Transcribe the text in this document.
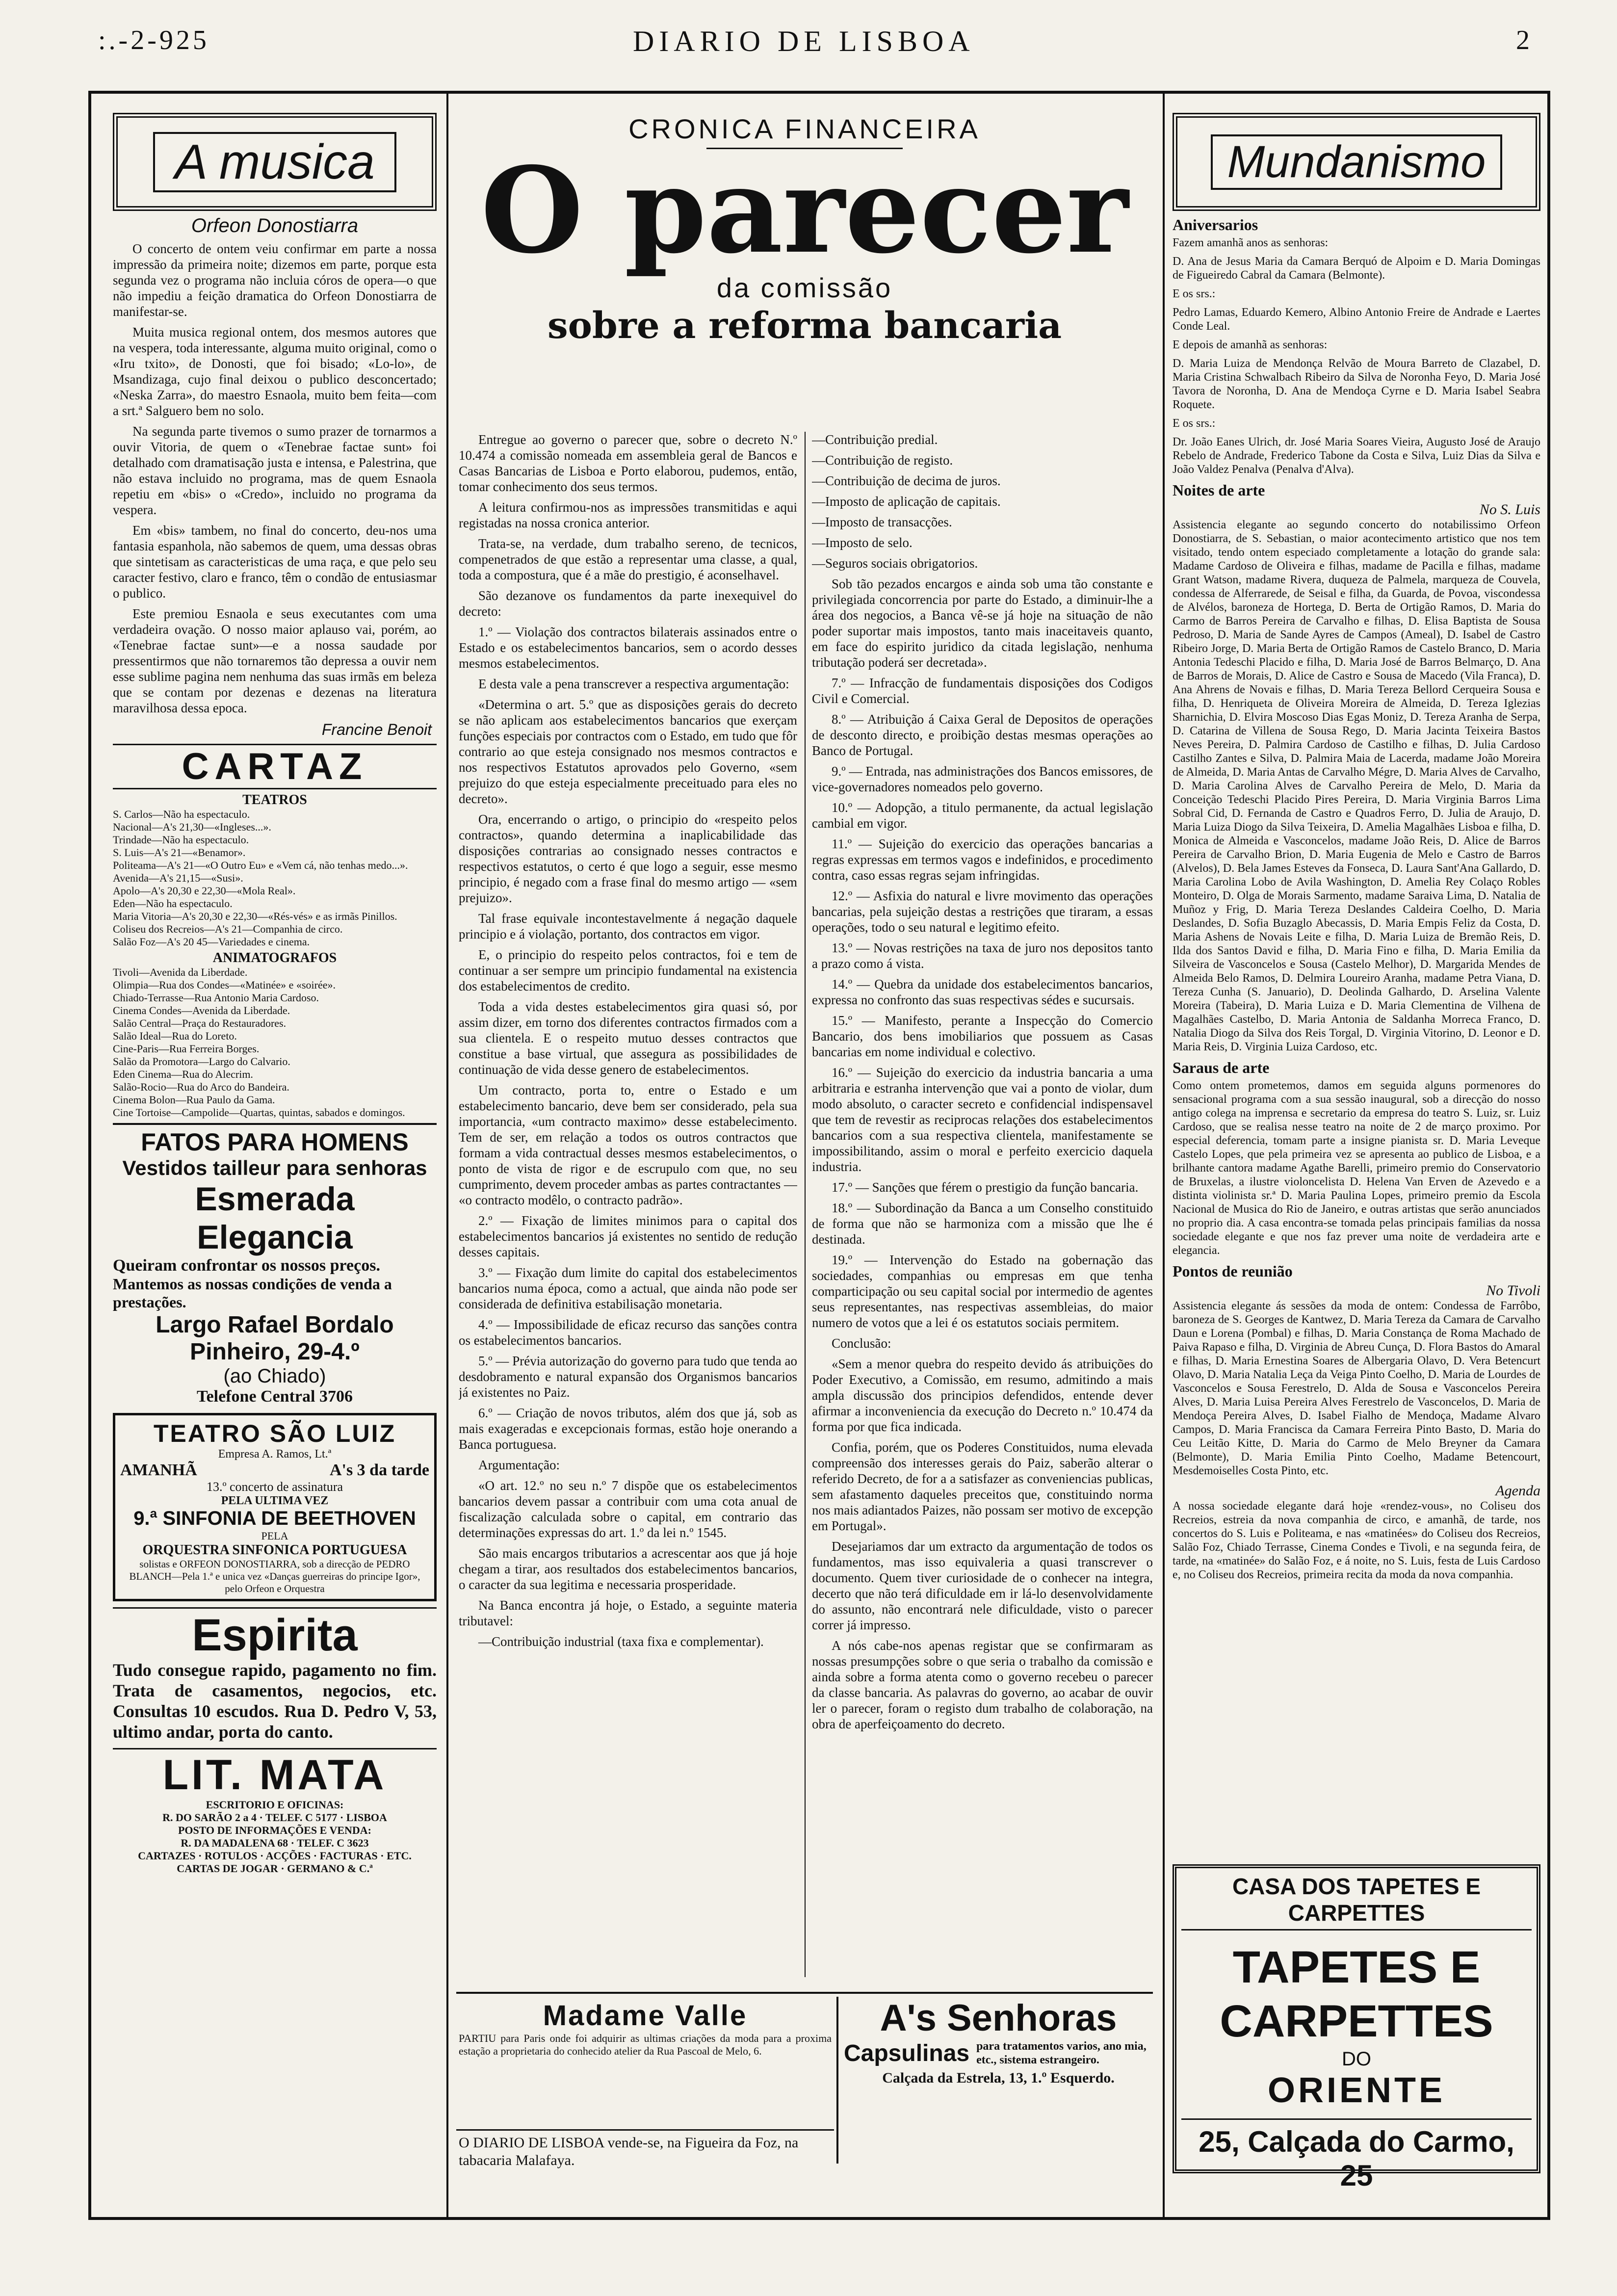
:.-2-925	DIARIO DE LISBOA	2
A musica
Orfeon Donostiarra

O concerto de ontem veiu confirmar em parte a nossa impressão da primeira noite; dizemos em parte, porque esta segunda vez o programa não incluia córos de opera—o que não impediu a feição dramatica do Orfeon Donostiarra de manifestar-se.

Muita musica regional ontem, dos mesmos autores que na vespera, toda interessante, alguma muito original, como o «Iru txito», de Donosti, que foi bisado; «Lo-lo», de Msandizaga, cujo final deixou o publico desconcertado; «Neska Zarra», do maestro Esnaola, muito bem feita—com a srt.ª Salguero bem no solo.

Na segunda parte tivemos o sumo prazer de tornarmos a ouvir Vitoria, de quem o «Tenebrae factae sunt» foi detalhado com dramatisação justa e intensa, e Palestrina, que não estava incluido no programa, mas de quem Esnaola repetiu em «bis» o «Credo», incluido no programa da vespera.

Em «bis» tambem, no final do concerto, deu-nos uma fantasia espanhola, não sabemos de quem, uma dessas obras que sintetisam as caracteristicas de uma raça, e que pelo seu caracter festivo, claro e franco, têm o condão de entusiasmar o publico.

Este premiou Esnaola e seus executantes com uma verdadeira ovação. O nosso maior aplauso vai, porém, ao «Tenebrae factae sunt»—e a nossa saudade por pressentirmos que não tornaremos tão depressa a ouvir nem esse sublime pagina nem nenhuma das suas irmãs em beleza que se contam por dezenas e dezenas na literatura maravilhosa dessa epoca.

Francine Benoit
CARTAZ
TEATROS
S. Carlos—Não ha espectaculo.
Nacional—A's 21,30—«Ingleses...».
Trindade—Não ha espectaculo.
S. Luis—A's 21—«Benamor».
Politeama—A's 21—«O Outro Eu» e «Vem cá, não tenhas medo...».
Avenida—A's 21,15—«Susi».
Apolo—A's 20,30 e 22,30—«Mola Real».
Eden—Não ha espectaculo.
Maria Vitoria—A's 20,30 e 22,30—«Rés-vés» e as irmãs Pinillos.
Coliseu dos Recreios—A's 21—Companhia de circo.
Salão Foz—A's 20 45—Variedades e cinema.
ANIMATOGRAFOS
Tivoli—Avenida da Liberdade.
Olimpia—Rua dos Condes—«Matinée» e «soirée».
Chiado-Terrasse—Rua Antonio Maria Cardoso.
Cinema Condes—Avenida da Liberdade.
Salão Central—Praça do Restauradores.
Salão Ideal—Rua do Loreto.
Cine-Paris—Rua Ferreira Borges.
Salão da Promotora—Largo do Calvario.
Eden Cinema—Rua do Alecrim.
Salão-Rocio—Rua do Arco do Bandeira.
Cinema Bolon—Rua Paulo da Gama.
Cine Tortoise—Campolide—Quartas, quintas, sabados e domingos.
FATOS PARA HOMENS
Vestidos tailleur para senhoras
Esmerada Elegancia
Queiram confrontar os nossos preços.
Mantemos as nossas condições de venda a prestações.
Largo Rafael Bordalo Pinheiro, 29-4.º
(ao Chiado)
Telefone Central 3706
TEATRO SÃO LUIZ
Empresa A. Ramos, Lt.ª
AMANHÃ	A's 3 da tarde
13.º concerto de assinatura
PELA ULTIMA VEZ
9.ª SINFONIA DE BEETHOVEN
PELA
ORQUESTRA SINFONICA PORTUGUESA
solistas e ORFEON DONOSTIARRA, sob a direcção de PEDRO BLANCH—Pela 1.ª e unica vez «Danças guerreiras do principe Igor», pelo Orfeon e Orquestra
Espirita
Tudo consegue rapido, pagamento no fim. Trata de casamentos, negocios, etc. Consultas 10 escudos. Rua D. Pedro V, 53, ultimo andar, porta do canto.
LIT. MATA
ESCRITORIO E OFICINAS:
R. DO SARÃO 2 a 4 · TELEF. C 5177 · LISBOA
POSTO DE INFORMAÇÕES E VENDA:
R. DA MADALENA 68 · TELEF. C 3623
CARTAZES · ROTULOS · ACÇÕES · FACTURAS · ETC.
CARTAS DE JOGAR · GERMANO & C.ª
CRONICA FINANCEIRA
O parecer
da comissão
sobre a reforma bancaria

Entregue ao governo o parecer que, sobre o decreto N.º 10.474 a comissão nomeada em assembleia geral de Bancos e Casas Bancarias de Lisboa e Porto elaborou, pudemos, então, tomar conhecimento dos seus termos.

A leitura confirmou-nos as impressões transmitidas e aqui registadas na nossa cronica anterior.

Trata-se, na verdade, dum trabalho sereno, de tecnicos, compenetrados de que estão a representar uma classe, a qual, toda a compostura, que é a mãe do prestigio, é aconselhavel.

São dezanove os fundamentos da parte inexequivel do decreto:

1.º — Violação dos contractos bilaterais assinados entre o Estado e os estabelecimentos bancarios, sem o acordo desses mesmos estabelecimentos.

E desta vale a pena transcrever a respectiva argumentação:

«Determina o art. 5.º que as disposições gerais do decreto se não aplicam aos estabelecimentos bancarios que exerçam funções especiais por contractos com o Estado, em tudo que fôr contrario ao que esteja consignado nos mesmos contractos e nos respectivos Estatutos aprovados pelo Governo, «sem prejuizo do que esteja especialmente preceituado para eles no decreto».

Ora, encerrando o artigo, o principio do «respeito pelos contractos», quando determina a inaplicabilidade das disposições contrarias ao consignado nesses contractos e respectivos estatutos, o certo é que logo a seguir, esse mesmo principio, é negado com a frase final do mesmo artigo — «sem prejuizo».

Tal frase equivale incontestavelmente á negação daquele principio e á violação, portanto, dos contractos em vigor.

E, o principio do respeito pelos contractos, foi e tem de continuar a ser sempre um principio fundamental na existencia dos estabelecimentos de credito.

Toda a vida destes estabelecimentos gira quasi só, por assim dizer, em torno dos diferentes contractos firmados com a sua clientela. E o respeito mutuo desses contractos que constitue a base virtual, que assegura as possibilidades de continuação de vida desse genero de estabelecimentos.

Um contracto, porta to, entre o Estado e um estabelecimento bancario, deve bem ser considerado, pela sua importancia, «um contracto maximo» desse estabelecimento. Tem de ser, em relação a todos os outros contractos que formam a vida contractual desses mesmos estabelecimentos, o ponto de vista de rigor e de escrupulo com que, no seu cumprimento, devem proceder ambas as partes contractantes — «o contracto modêlo, o contracto padrão».

2.º — Fixação de limites minimos para o capital dos estabelecimentos bancarios já existentes no sentido de redução desses capitais.

3.º — Fixação dum limite do capital dos estabelecimentos bancarios numa época, como a actual, que ainda não pode ser considerada de definitiva estabilisação monetaria.

4.º — Impossibilidade de eficaz recurso das sanções contra os estabelecimentos bancarios.

5.º — Prévia autorização do governo para tudo que tenda ao desdobramento e natural expansão dos Organismos bancarios já existentes no Paiz.

6.º — Criação de novos tributos, além dos que já, sob as mais exageradas e excepcionais formas, estão hoje onerando a Banca portuguesa.

Argumentação:

«O art. 12.º no seu n.º 7 dispõe que os estabelecimentos bancarios devem passar a contribuir com uma cota anual de fiscalização calculada sobre o capital, em contrario das determinações expressas do art. 1.º da lei n.º 1545.

São mais encargos tributarios a acrescentar aos que já hoje chegam a tirar, aos resultados dos estabelecimentos bancarios, o caracter da sua legitima e necessaria prosperidade.

Na Banca encontra já hoje, o Estado, a seguinte materia tributavel:

—Contribuição industrial (taxa fixa e complementar).

—Contribuição predial.

—Contribuição de registo.

—Contribuição de decima de juros.

—Imposto de aplicação de capitais.

—Imposto de transacções.

—Imposto de selo.

—Seguros sociais obrigatorios.

Sob tão pezados encargos e ainda sob uma tão constante e privilegiada concorrencia por parte do Estado, a diminuir-lhe a área dos negocios, a Banca vê-se já hoje na situação de não poder suportar mais impostos, tanto mais inaceitaveis quanto, em face do espirito juridico da citada legislação, nenhuma tributação poderá ser decretada».

7.º — Infracção de fundamentais disposições dos Codigos Civil e Comercial.

8.º — Atribuição á Caixa Geral de Depositos de operações de desconto directo, e proibição destas mesmas operações ao Banco de Portugal.

9.º — Entrada, nas administrações dos Bancos emissores, de vice-governadores nomeados pelo governo.

10.º — Adopção, a titulo permanente, da actual legislação cambial em vigor.

11.º — Sujeição do exercicio das operações bancarias a regras expressas em termos vagos e indefinidos, e procedimento contra, caso essas regras sejam infringidas.

12.º — Asfixia do natural e livre movimento das operações bancarias, pela sujeição destas a restrições que tiraram, a essas operações, todo o seu natural e legitimo efeito.

13.º — Novas restrições na taxa de juro nos depositos tanto a prazo como á vista.

14.º — Quebra da unidade dos estabelecimentos bancarios, expressa no confronto das suas respectivas sédes e sucursais.

15.º — Manifesto, perante a Inspecção do Comercio Bancario, dos bens imobiliarios que possuem as Casas bancarias em nome individual e colectivo.

16.º — Sujeição do exercicio da industria bancaria a uma arbitraria e estranha intervenção que vai a ponto de violar, dum modo absoluto, o caracter secreto e confidencial indispensavel que tem de revestir as reciprocas relações dos estabelecimentos bancarios com a sua respectiva clientela, manifestamente se impossibilitando, assim o moral e perfeito exercicio daquela industria.

17.º — Sanções que férem o prestigio da função bancaria.

18.º — Subordinação da Banca a um Conselho constituido de forma que não se harmoniza com a missão que lhe é destinada.

19.º — Intervenção do Estado na gobernação das sociedades, companhias ou empresas em que tenha comparticipação ou seu capital social por intermedio de agentes seus representantes, nas respectivas assembleias, do maior numero de votos que a lei é os estatutos sociais permitem.

Conclusão:

«Sem a menor quebra do respeito devido ás atribuições do Poder Executivo, a Comissão, em resumo, admitindo a mais ampla discussão dos principios defendidos, entende dever afirmar a inconveniencia da execução do Decreto n.º 10.474 da forma por que fica indicada.

Confia, porém, que os Poderes Constituidos, numa elevada compreensão dos interesses gerais do Paiz, saberão alterar o referido Decreto, de for a a satisfazer as conveniencias publicas, sem afastamento daqueles preceitos que, constituindo norma nos mais adiantados Paizes, não possam ser motivo de excepção em Portugal».

Desejariamos dar um extracto da argumentação de todos os fundamentos, mas isso equivaleria a quasi transcrever o documento. Quem tiver curiosidade de o conhecer na integra, decerto que não terá dificuldade em ir lá-lo desenvolvidamente do assunto, não encontrará nele dificuldade, visto o parecer correr já impresso.

A nós cabe-nos apenas registar que se confirmaram as nossas presumpções sobre o que seria o trabalho da comissão e ainda sobre a forma atenta como o governo recebeu o parecer da classe bancaria. As palavras do governo, ao acabar de ouvir ler o parecer, foram o registo dum trabalho de colaboração, na obra de aperfeiçoamento do decreto.

Madame Valle
PARTIU para Paris onde foi adquirir as ultimas criações da moda para a proxima estação a proprietaria do conhecido atelier da Rua Pascoal de Melo, 6.
A's Senhoras
Capsulinas para tratamentos varios, ano mia, etc., sistema estrangeiro.
Calçada da Estrela, 13, 1.º Esquerdo.
O DIARIO DE LISBOA vende-se, na Figueira da Foz, na tabacaria Malafaya.
Mundanismo
Aniversarios

Fazem amanhã anos as senhoras:

D. Ana de Jesus Maria da Camara Berquó de Alpoim e D. Maria Domingas de Figueiredo Cabral da Camara (Belmonte).

E os srs.:

Pedro Lamas, Eduardo Kemero, Albino Antonio Freire de Andrade e Laertes Conde Leal.

E depois de amanhã as senhoras:

D. Maria Luiza de Mendonça Relvão de Moura Barreto de Clazabel, D. Maria Cristina Schwalbach Ribeiro da Silva de Noronha Feyo, D. Maria José Tavora de Noronha, D. Ana de Mendoça Cyrne e D. Maria Isabel Seabra Roquete.

E os srs.:

Dr. João Eanes Ulrich, dr. José Maria Soares Vieira, Augusto José de Araujo Rebelo de Andrade, Frederico Tabone da Costa e Silva, Luiz Dias da Silva e João Valdez Penalva (Penalva d'Alva).

Noites de arte
No S. Luis

Assistencia elegante ao segundo concerto do notabilissimo Orfeon Donostiarra, de S. Sebastian, o maior acontecimento artistico que nos tem visitado, tendo ontem especiado completamente a lotação do grande sala: Madame Cardoso de Oliveira e filhas, madame de Pacilla e filhas, madame Grant Watson, madame Rivera, duqueza de Palmela, marqueza de Couvela, condessa de Alferrarede, de Seisal e filha, da Guarda, de Povoa, viscondessa de Alvélos, baroneza de Hortega, D. Berta de Ortigão Ramos, D. Maria do Carmo de Barros Pereira de Carvalho e filhas, D. Elisa Baptista de Sousa Pedroso, D. Maria de Sande Ayres de Campos (Ameal), D. Isabel de Castro Ribeiro Jorge, D. Maria Berta de Ortigão Ramos de Castelo Branco, D. Maria Antonia Tedeschi Placido e filha, D. Maria José de Barros Belmarço, D. Ana de Barros de Morais, D. Alice de Castro e Sousa de Macedo (Vila Franca), D. Ana Ahrens de Novais e filhas, D. Maria Tereza Bellord Cerqueira Sousa e filha, D. Henriqueta de Oliveira Moreira de Almeida, D. Tereza Iglezias Sharnichia, D. Elvira Moscoso Dias Egas Moniz, D. Tereza Aranha de Serpa, D. Catarina de Villena de Sousa Rego, D. Maria Jacinta Teixeira Bastos Neves Pereira, D. Palmira Cardoso de Castilho e filhas, D. Julia Cardoso Castilho Zantes e Silva, D. Palmira Maia de Lacerda, madame João Moreira de Almeida, D. Maria Antas de Carvalho Mégre, D. Maria Alves de Carvalho, D. Maria Carolina Alves de Carvalho Pereira de Melo, D. Maria da Conceição Tedeschi Placido Pires Pereira, D. Maria Virginia Barros Lima Sobral Cid, D. Fernanda de Castro e Quadros Ferro, D. Julia de Araujo, D. Maria Luiza Diogo da Silva Teixeira, D. Amelia Magalhães Lisboa e filha, D. Monica de Almeida e Vasconcelos, madame João Reis, D. Alice de Barros Pereira de Carvalho Brion, D. Maria Eugenia de Melo e Castro de Barros (Alvelos), D. Bela James Esteves da Fonseca, D. Laura Sant'Ana Gallardo, D. Maria Carolina Lobo de Avila Washington, D. Amelia Rey Colaço Robles Monteiro, D. Olga de Morais Sarmento, madame Saraiva Lima, D. Natalia de Muñoz y Frig, D. Maria Tereza Deslandes Caldeira Coelho, D. Maria Deslandes, D. Sofia Buzaglo Abecassis, D. Maria Empis Feliz da Costa, D. Maria Ashens de Novais Leite e filha, D. Maria Luiza de Bremão Reis, D. Ilda dos Santos David e filha, D. Maria Fino e filha, D. Maria Emilia da Silveira de Vasconcelos e Sousa (Castelo Melhor), D. Margarida Mendes de Almeida Belo Ramos, D. Delmira Loureiro Aranha, madame Petra Viana, D. Tereza Cunha (S. Januario), D. Deolinda Galhardo, D. Arselina Valente Moreira (Tabeira), D. Maria Luiza e D. Maria Clementina de Vilhena de Magalhães Castelbo, D. Maria Antonia de Saldanha Morreca Franco, D. Natalia Diogo da Silva dos Reis Torgal, D. Virginia Vitorino, D. Leonor e D. Maria Reis, D. Virginia Luiza Cardoso, etc.

Saraus de arte

Como ontem prometemos, damos em seguida alguns pormenores do sensacional programa com a sua sessão inaugural, sob a direcção do nosso antigo colega na imprensa e secretario da empresa do teatro S. Luiz, sr. Luiz Cardoso, que se realisa nesse teatro na noite de 2 de março proximo. Por especial deferencia, tomam parte a insigne pianista sr. D. Maria Leveque Castelo Lopes, que pela primeira vez se apresenta ao publico de Lisboa, e a brilhante cantora madame Agathe Barelli, primeiro premio do Conservatorio de Bruxelas, a ilustre violoncelista D. Helena Van Erven de Azevedo e a distinta violinista sr.ª D. Maria Paulina Lopes, primeiro premio da Escola Nacional de Musica do Rio de Janeiro, e outras artistas que serão anunciados no proprio dia. A casa encontra-se tomada pelas principais familias da nossa sociedade elegante e que nos faz prever uma noite de verdadeira arte e elegancia.

Pontos de reunião
No Tivoli

Assistencia elegante ás sessões da moda de ontem: Condessa de Farrôbo, baroneza de S. Georges de Kantwez, D. Maria Tereza da Camara de Carvalho Daun e Lorena (Pombal) e filhas, D. Maria Constança de Roma Machado de Paiva Rapaso e filha, D. Virginia de Abreu Cunça, D. Flora Bastos do Amaral e filhas, D. Maria Ernestina Soares de Albergaria Olavo, D. Vera Betencurt Olavo, D. Maria Natalia Leça da Veiga Pinto Coelho, D. Maria de Lourdes de Vasconcelos e Sousa Ferestrelo, D. Alda de Sousa e Vasconcelos Pereira Alves, D. Maria Luisa Pereira Alves Ferestrelo de Vasconcelos, D. Maria de Mendoça Pereira Alves, D. Isabel Fialho de Mendoça, Madame Alvaro Campos, D. Maria Francisca da Camara Ferreira Pinto Basto, D. Maria do Ceu Leitão Kitte, D. Maria do Carmo de Melo Breyner da Camara (Belmonte), D. Maria Emilia Pinto Coelho, Madame Betencourt, Mesdemoiselles Costa Pinto, etc.

Agenda

A nossa sociedade elegante dará hoje «rendez-vous», no Coliseu dos Recreios, estreia da nova companhia de circo, e amanhã, de tarde, nos concertos do S. Luis e Politeama, e nas «matinées» do Coliseu dos Recreios, Salão Foz, Chiado Terrasse, Cinema Condes e Tivoli, e na segunda feira, de tarde, na «matinée» do Salão Foz, e á noite, no S. Luis, festa de Luis Cardoso e, no Coliseu dos Recreios, primeira recita da moda da nova companhia.

CASA DOS TAPETES E CARPETTES
TAPETES E CARPETTES
DO
ORIENTE
25, Calçada do Carmo, 25
